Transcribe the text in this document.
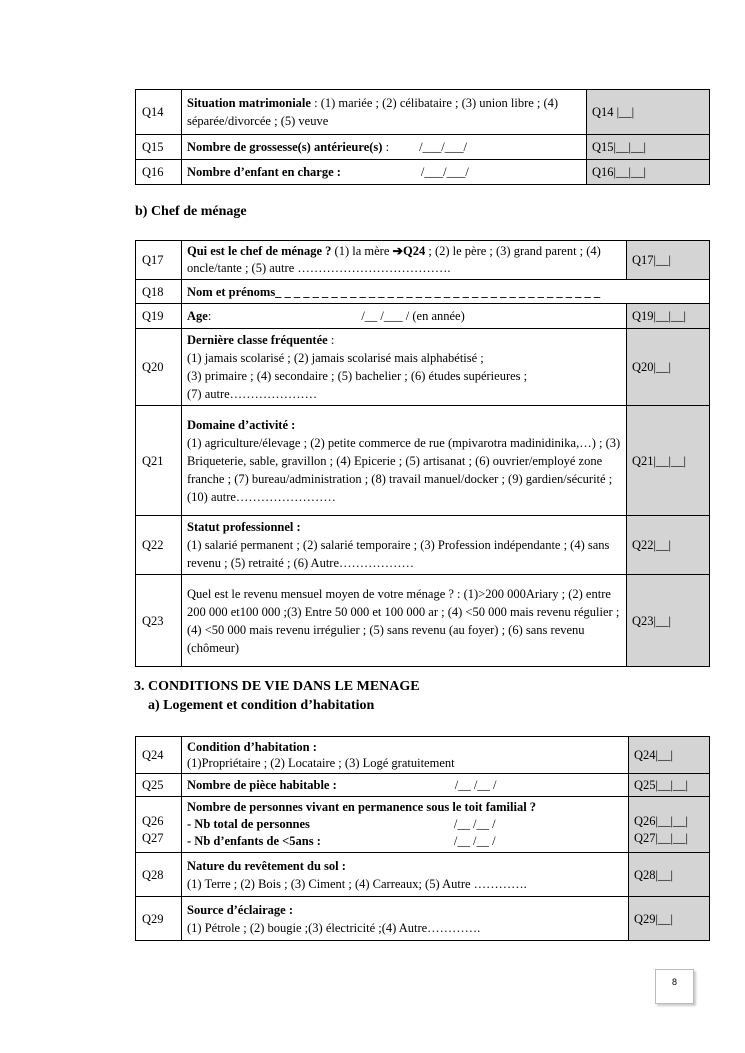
Q14	Situation matrimoniale : (1) mariée ; (2) célibataire ; (3) union libre ; (4) séparée/divorcée ; (5) veuve	Q14 |__|
Q15	Nombre de grossesse(s) antérieure(s) : /___/___/	Q15|__|__|
Q16	Nombre d’enfant en charge : /___/___/	Q16|__|__|
b) Chef de ménage
Q17	Qui est le chef de ménage ? (1) la mère ➔Q24 ; (2) le père ; (3) grand parent ; (4) oncle/tante ; (5) autre ……………………………….	Q17|__|
Q18	Nom et prénoms_ _ _ _ _ _ _ _ _ _ _ _ _ _ _ _ _ _ _ _ _ _ _ _ _ _ _ _ _ _ _ _ _ _ _	
Q19	Age: /__ /___ / (en année)	Q19|__|__|
Q20	Dernière classe fréquentée :
(1) jamais scolarisé ; (2) jamais scolarisé mais alphabétisé ;
(3) primaire ; (4) secondaire ; (5) bachelier ; (6) études supérieures ;
(7) autre…………………	Q20|__|
Q21	Domaine d’activité :
(1) agriculture/élevage ; (2) petite commerce de rue (mpivarotra madinidinika,…) ; (3) Briqueterie, sable, gravillon ; (4) Epicerie ; (5) artisanat ; (6) ouvrier/employé zone franche ; (7) bureau/administration ; (8) travail manuel/docker ; (9) gardien/sécurité ; (10) autre……………………	Q21|__|__|
Q22	Statut professionnel :
(1) salarié permanent ; (2) salarié temporaire ; (3) Profession indépendante ; (4) sans revenu ; (5) retraité ; (6) Autre………………	Q22|__|
Q23	Quel est le revenu mensuel moyen de votre ménage ? : (1)>200 000Ariary ; (2) entre 200 000 et100 000 ;(3) Entre 50 000 et 100 000 ar ; (4) <50 000 mais revenu régulier ; (4) <50 000 mais revenu irrégulier ; (5) sans revenu (au foyer) ; (6) sans revenu (chômeur)	Q23|__|
3. CONDITIONS DE VIE DANS LE MENAGE
a) Logement et condition d’habitation
Q24	Condition d’habitation :
(1)Propriétaire ; (2) Locataire ; (3) Logé gratuitement	Q24|__|
Q25	Nombre de pièce habitable : /__ /__ /	Q25|__|__|
Q26
Q27	Nombre de personnes vivant en permanence sous le toit familial ?
- Nb total de personnes /__ /__ /
- Nb d’enfants de <5ans : /__ /__ /	Q26|__|__|
Q27|__|__|
Q28	Nature du revêtement du sol :
(1) Terre ; (2) Bois ; (3) Ciment ; (4) Carreaux; (5) Autre ………….	Q28|__|
Q29	Source d’éclairage :
(1) Pétrole ; (2) bougie ;(3) électricité ;(4) Autre………….	Q29|__|
8
